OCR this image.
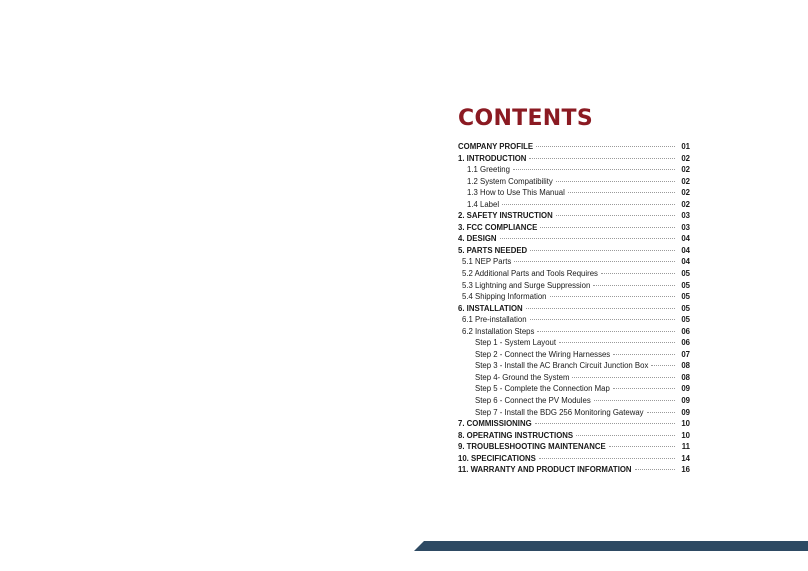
CONTENTS
COMPANY PROFILE	01
1. INTRODUCTION	02
1.1 Greeting	02
1.2 System Compatibility	02
1.3 How to Use This Manual	02
1.4 Label	02
2. SAFETY INSTRUCTION	03
3. FCC COMPLIANCE	03
4. DESIGN	04
5. PARTS NEEDED	04
5.1 NEP Parts	04
5.2 Additional Parts and Tools Requires	05
5.3 Lightning and Surge Suppression	05
5.4 Shipping Information	05
6. INSTALLATION	05
6.1 Pre-installation	05
6.2 Installation Steps	06
Step 1 - System Layout	06
Step 2 - Connect the Wiring Harnesses	07
Step 3 - Install the AC Branch Circuit Junction Box	08
Step 4- Ground the System	08
Step 5 - Complete the Connection Map	09
Step 6 - Connect the PV Modules	09
Step 7 - Install the BDG 256 Monitoring Gateway	09
7. COMMISSIONING	10
8. OPERATING INSTRUCTIONS	10
9. TROUBLESHOOTING MAINTENANCE	11
10. SPECIFICATIONS	14
11. WARRANTY AND PRODUCT INFORMATION	16
